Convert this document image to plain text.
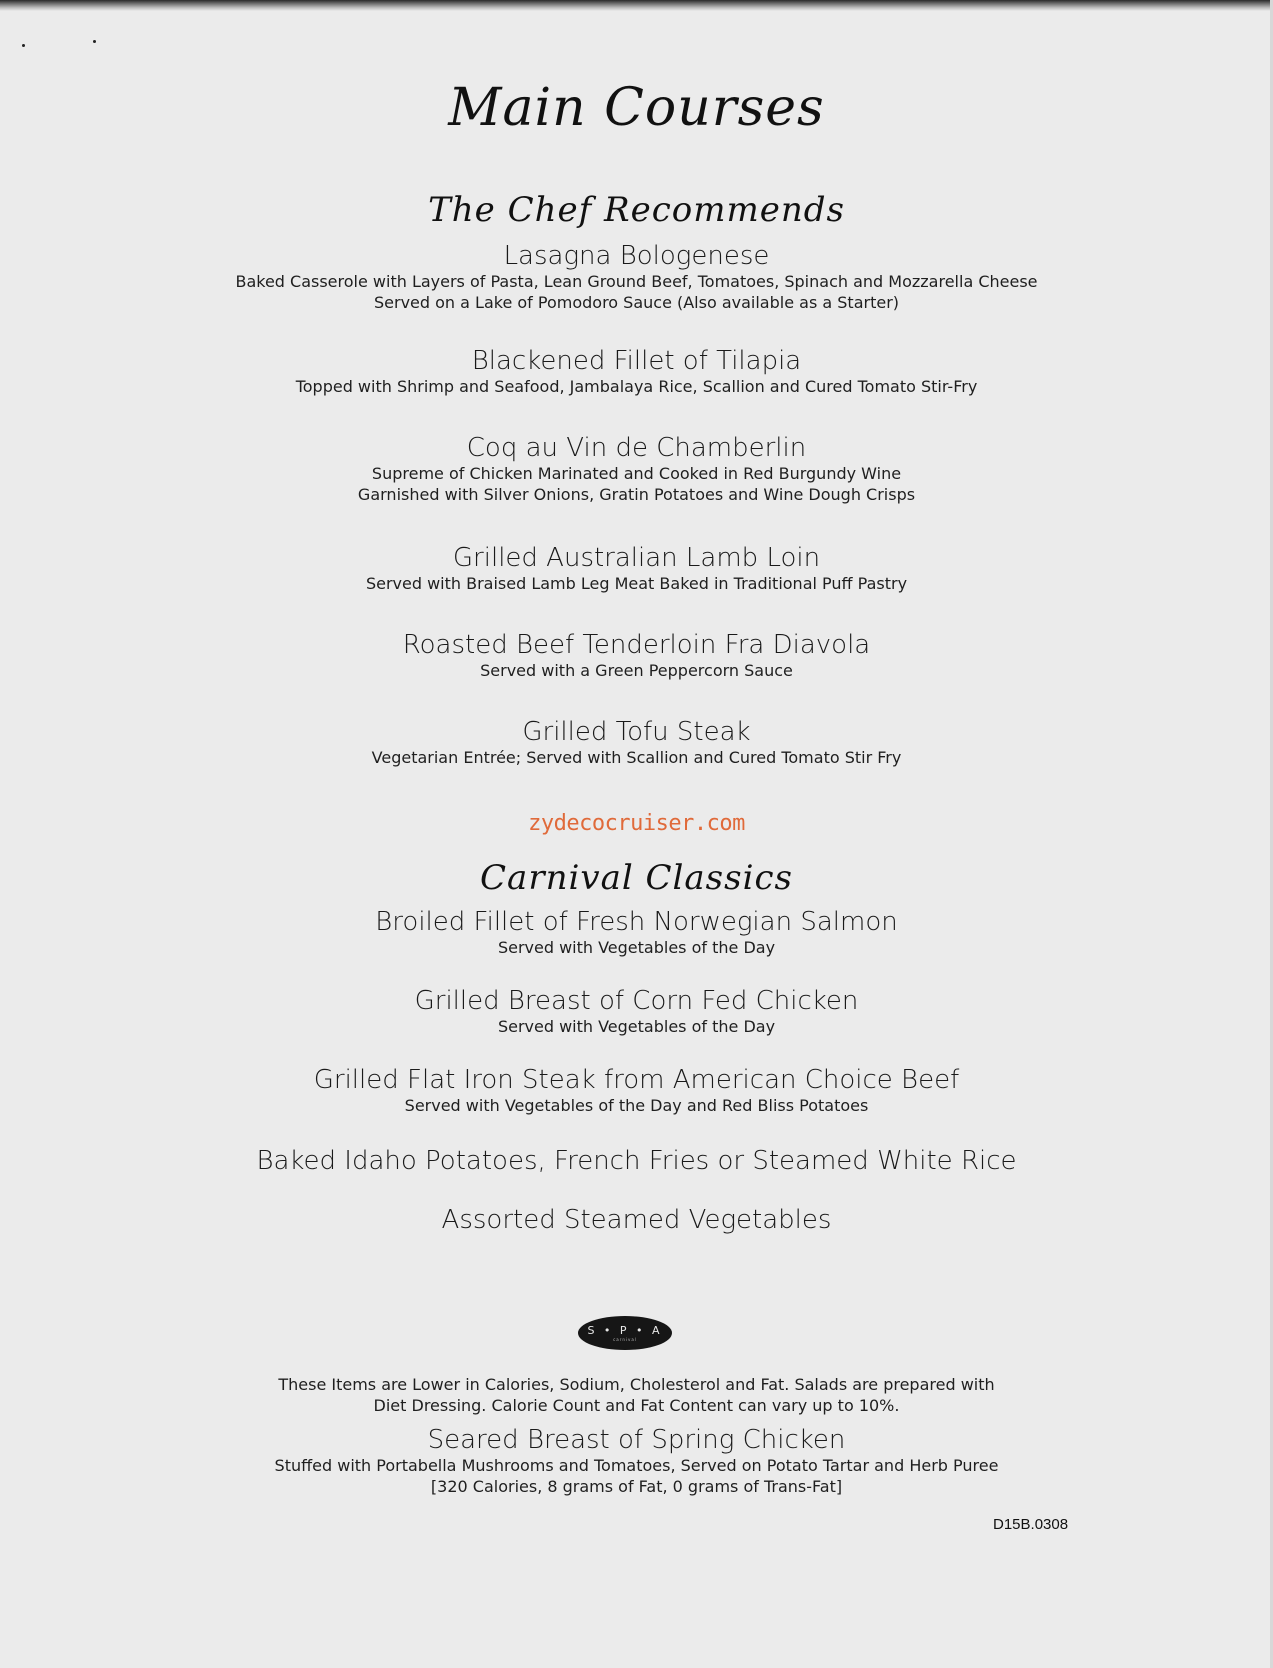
Main Courses
The Chef Recommends
Lasagna Bologenese
Baked Casserole with Layers of Pasta, Lean Ground Beef, Tomatoes, Spinach and Mozzarella Cheese
Served on a Lake of Pomodoro Sauce (Also available as a Starter)
Blackened Fillet of Tilapia
Topped with Shrimp and Seafood, Jambalaya Rice, Scallion and Cured Tomato Stir-Fry
Coq au Vin de Chamberlin
Supreme of Chicken Marinated and Cooked in Red Burgundy Wine
Garnished with Silver Onions, Gratin Potatoes and Wine Dough Crisps
Grilled Australian Lamb Loin
Served with Braised Lamb Leg Meat Baked in Traditional Puff Pastry
Roasted Beef Tenderloin Fra Diavola
Served with a Green Peppercorn Sauce
Grilled Tofu Steak
Vegetarian Entrée; Served with Scallion and Cured Tomato Stir Fry
zydecocruiser.com
Carnival Classics
Broiled Fillet of Fresh Norwegian Salmon
Served with Vegetables of the Day
Grilled Breast of Corn Fed Chicken
Served with Vegetables of the Day
Grilled Flat Iron Steak from American Choice Beef
Served with Vegetables of the Day and Red Bliss Potatoes
Baked Idaho Potatoes, French Fries or Steamed White Rice
Assorted Steamed Vegetables
S • P • A
carnival
These Items are Lower in Calories, Sodium, Cholesterol and Fat. Salads are prepared with
Diet Dressing. Calorie Count and Fat Content can vary up to 10%.
Seared Breast of Spring Chicken
Stuffed with Portabella Mushrooms and Tomatoes, Served on Potato Tartar and Herb Puree
[320 Calories, 8 grams of Fat, 0 grams of Trans-Fat]
D15B.0308
